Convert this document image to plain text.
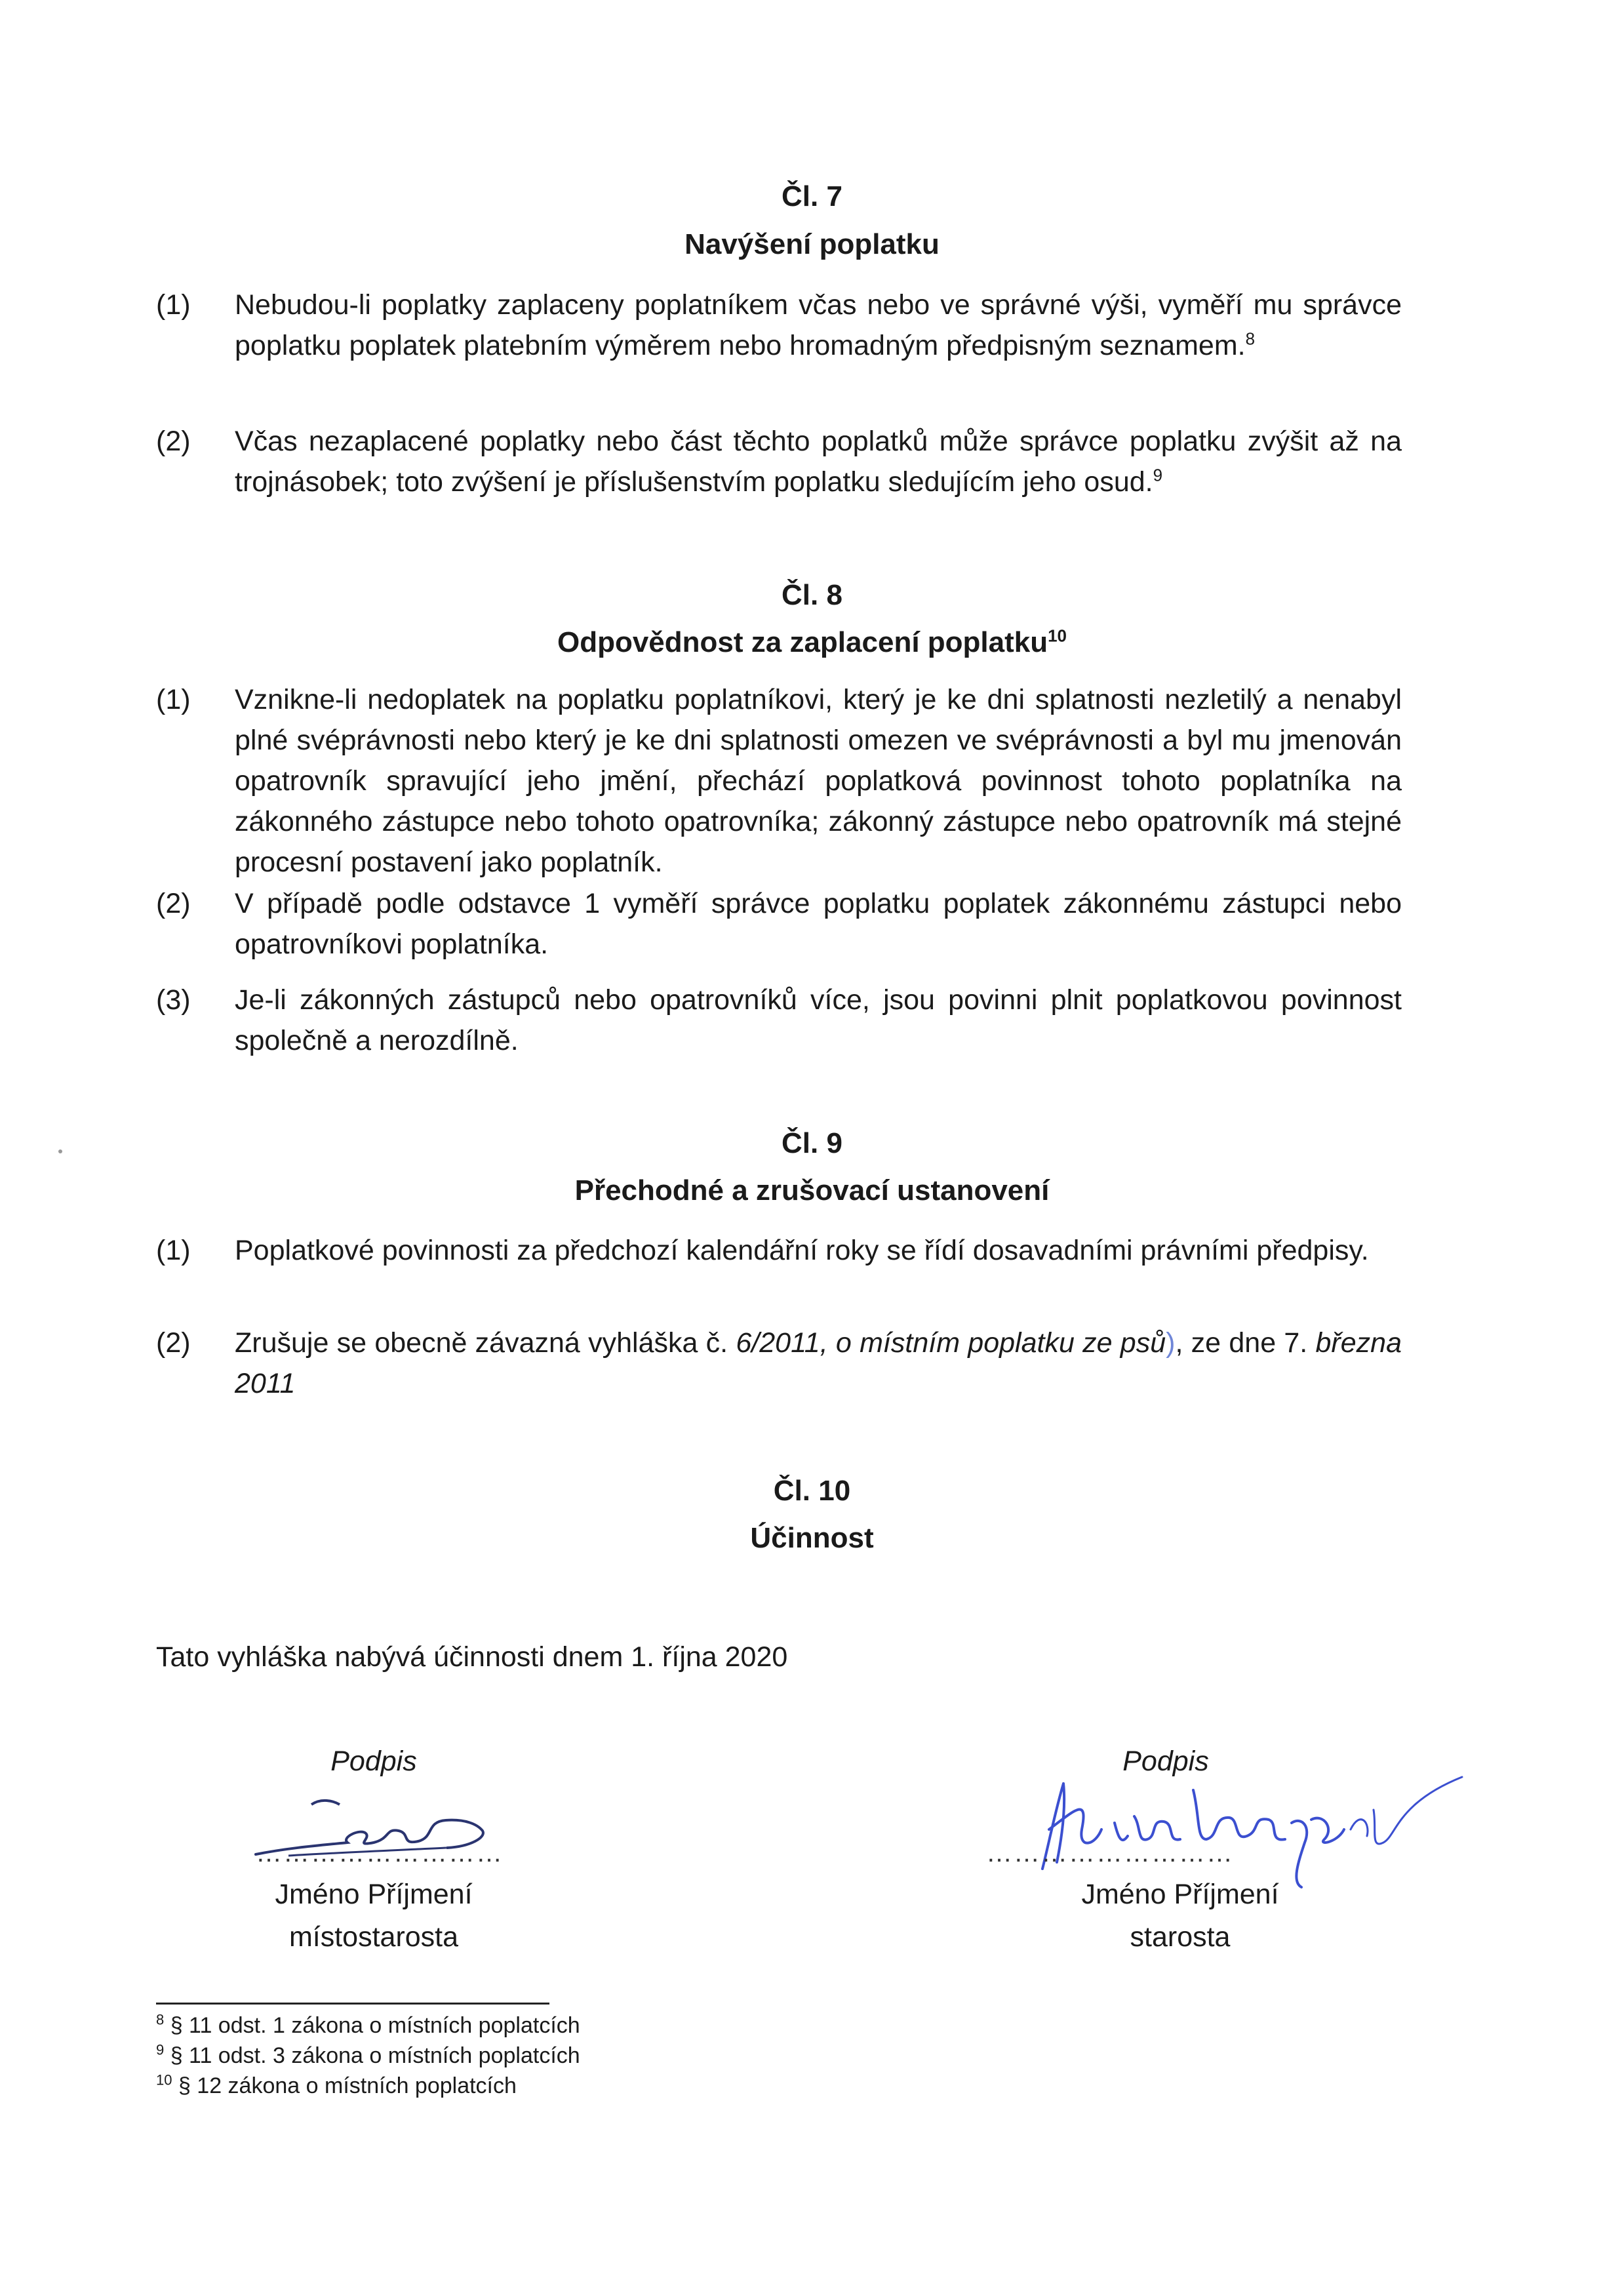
Čl. 7
Navýšení poplatku
(1)	Nebudou-li poplatky zaplaceny poplatníkem včas nebo ve správné výši, vyměří mu správce poplatku poplatek platebním výměrem nebo hromadným předpisným seznamem.$^8$
(2)	Včas nezaplacené poplatky nebo část těchto poplatků může správce poplatku zvýšit až na trojnásobek; toto zvýšení je příslušenstvím poplatku sledujícím jeho osud.$^9$
Čl. 8
Odpovědnost za zaplacení poplatku$^{10}$
(1)	Vznikne-li nedoplatek na poplatku poplatníkovi, který je ke dni splatnosti nezletilý a nenabyl plné svéprávnosti nebo který je ke dni splatnosti omezen ve svéprávnosti a byl mu jmenován opatrovník spravující jeho jmění, přechází poplatková povinnost tohoto poplatníka na zákonného zástupce nebo tohoto opatrovníka; zákonný zástupce nebo opatrovník má stejné procesní postavení jako poplatník.
(2)	V případě podle odstavce 1 vyměří správce poplatku poplatek zákonnému zástupci nebo opatrovníkovi poplatníka.
(3)	Je-li zákonných zástupců nebo opatrovníků více, jsou povinni plnit poplatkovou povinnost společně a nerozdílně.
Čl. 9
Přechodné a zrušovací ustanovení
(1)	Poplatkové povinnosti za předchozí kalendářní roky se řídí dosavadními právními předpisy.
(2)	Zrušuje se obecně závazná vyhláška č. 6/2011, o místním poplatku ze psů), ze dne 7. března 2011
Čl. 10
Účinnost
Tato vyhláška nabývá účinnosti dnem 1. října 2020
Podpis	Podpis
………………………	………………………
Jméno Příjmení
místostarosta
Jméno Příjmení
starosta
$^8$ § 11 odst. 1 zákona o místních poplatcích
$^9$ § 11 odst. 3 zákona o místních poplatcích
$^{10}$ § 12 zákona o místních poplatcích
